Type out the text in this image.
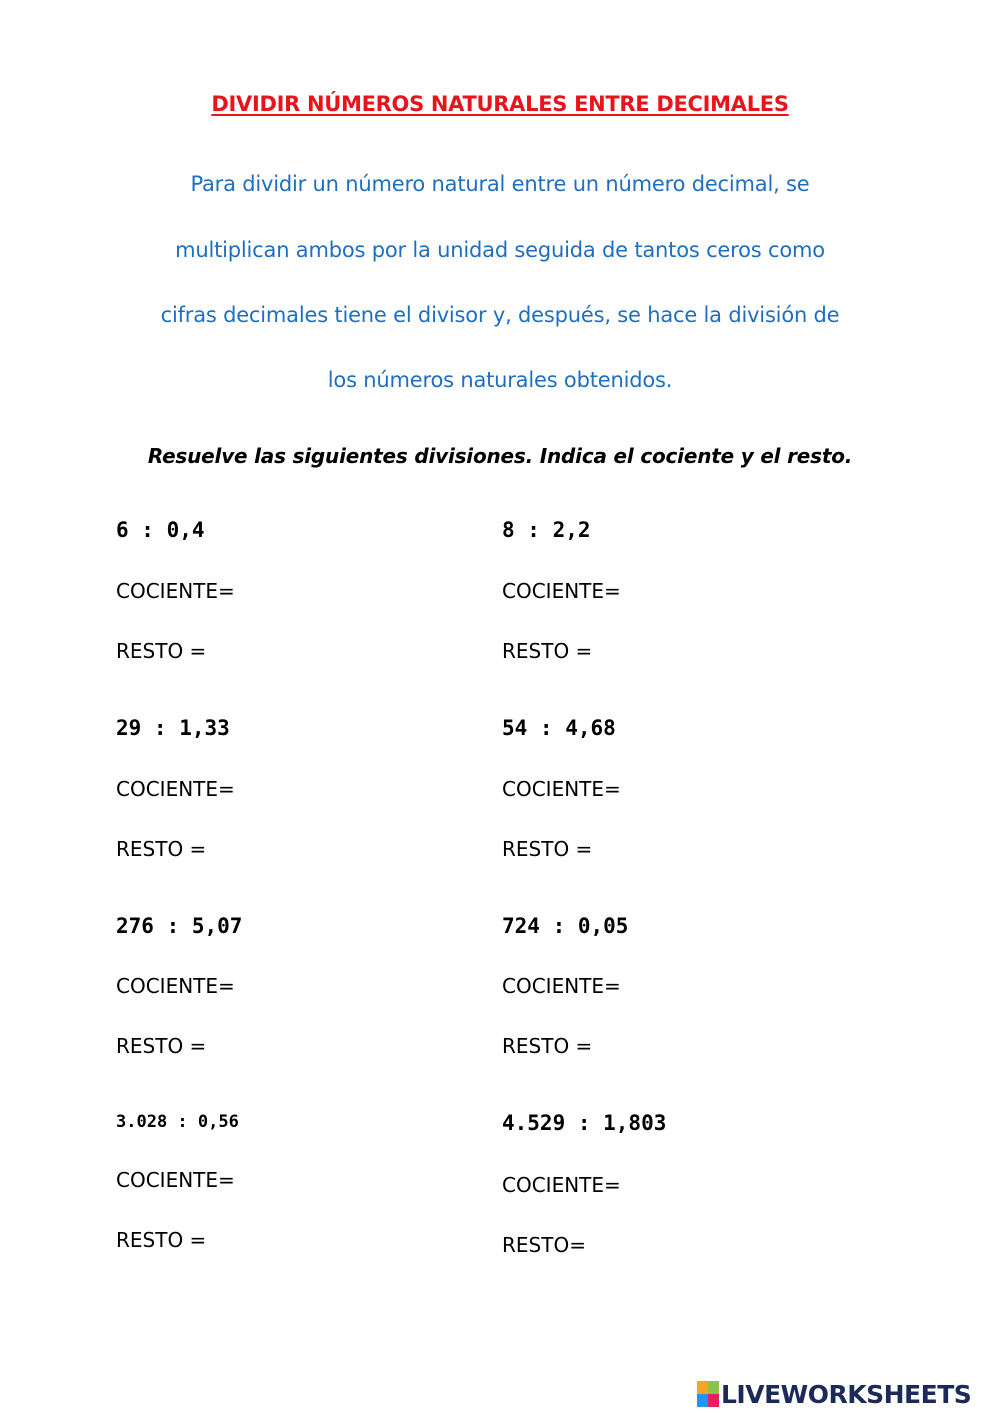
DIVIDIR NÚMEROS NATURALES ENTRE DECIMALES
Para dividir un número natural entre un número decimal, se
multiplican ambos por la unidad seguida de tantos ceros como
cifras decimales tiene el divisor y, después, se hace la división de
los números naturales obtenidos.
Resuelve las siguientes divisiones. Indica el cociente y el resto.
6 : 0,4
COCIENTE=
RESTO =
8 : 2,2
COCIENTE=
RESTO =
29 : 1,33
COCIENTE=
RESTO =
54 : 4,68
COCIENTE=
RESTO =
276 : 5,07
COCIENTE=
RESTO =
724 : 0,05
COCIENTE=
RESTO =
3.028 : 0,56
COCIENTE=
RESTO =
4.529 : 1,803
COCIENTE=
RESTO=
LIVEWORKSHEETS
